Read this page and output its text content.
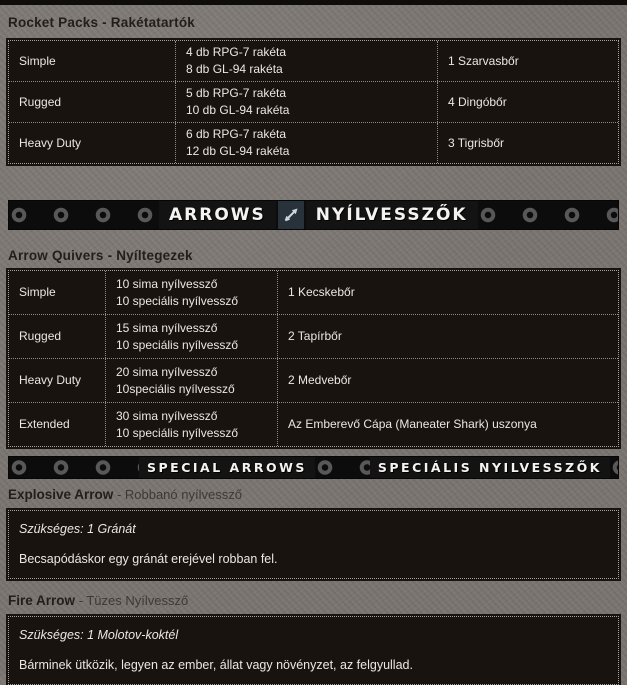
Rocket Packs - Rakétatartók
Simple
4 db RPG-7 rakéta
8 db GL-94 rakéta
1 Szarvasbőr
Rugged
5 db RPG-7 rakéta
10 db GL-94 rakéta
4 Dingóbőr
Heavy Duty
6 db RPG-7 rakéta
12 db GL-94 rakéta
3 Tigrisbőr
ARROWS	NYÍLVESSZŐK
Arrow Quivers - Nyíltegezek
Simple
10 sima nyílvessző
10 speciális nyílvessző
1 Kecskebőr
Rugged
15 sima nyílvessző
10 speciális nyílvessző
2 Tapírbőr
Heavy Duty
20 sima nyílvessző
10speciális nyílvessző
2 Medvebőr
Extended
30 sima nyílvessző
10 speciális nyílvessző
Az Emberevő Cápa (Maneater Shark) uszonya
SPECIAL ARROWS	SPECIÁLIS NYILVESSZŐK
Explosive Arrow - Robbanó nyílvessző

Szükséges: 1 Gránát

Becsapódáskor egy gránát erejével robban fel.

Fire Arrow - Tüzes Nyílvessző

Szükséges: 1 Molotov-koktél

Bárminek ütközik, legyen az ember, állat vagy növényzet, az felgyullad.
